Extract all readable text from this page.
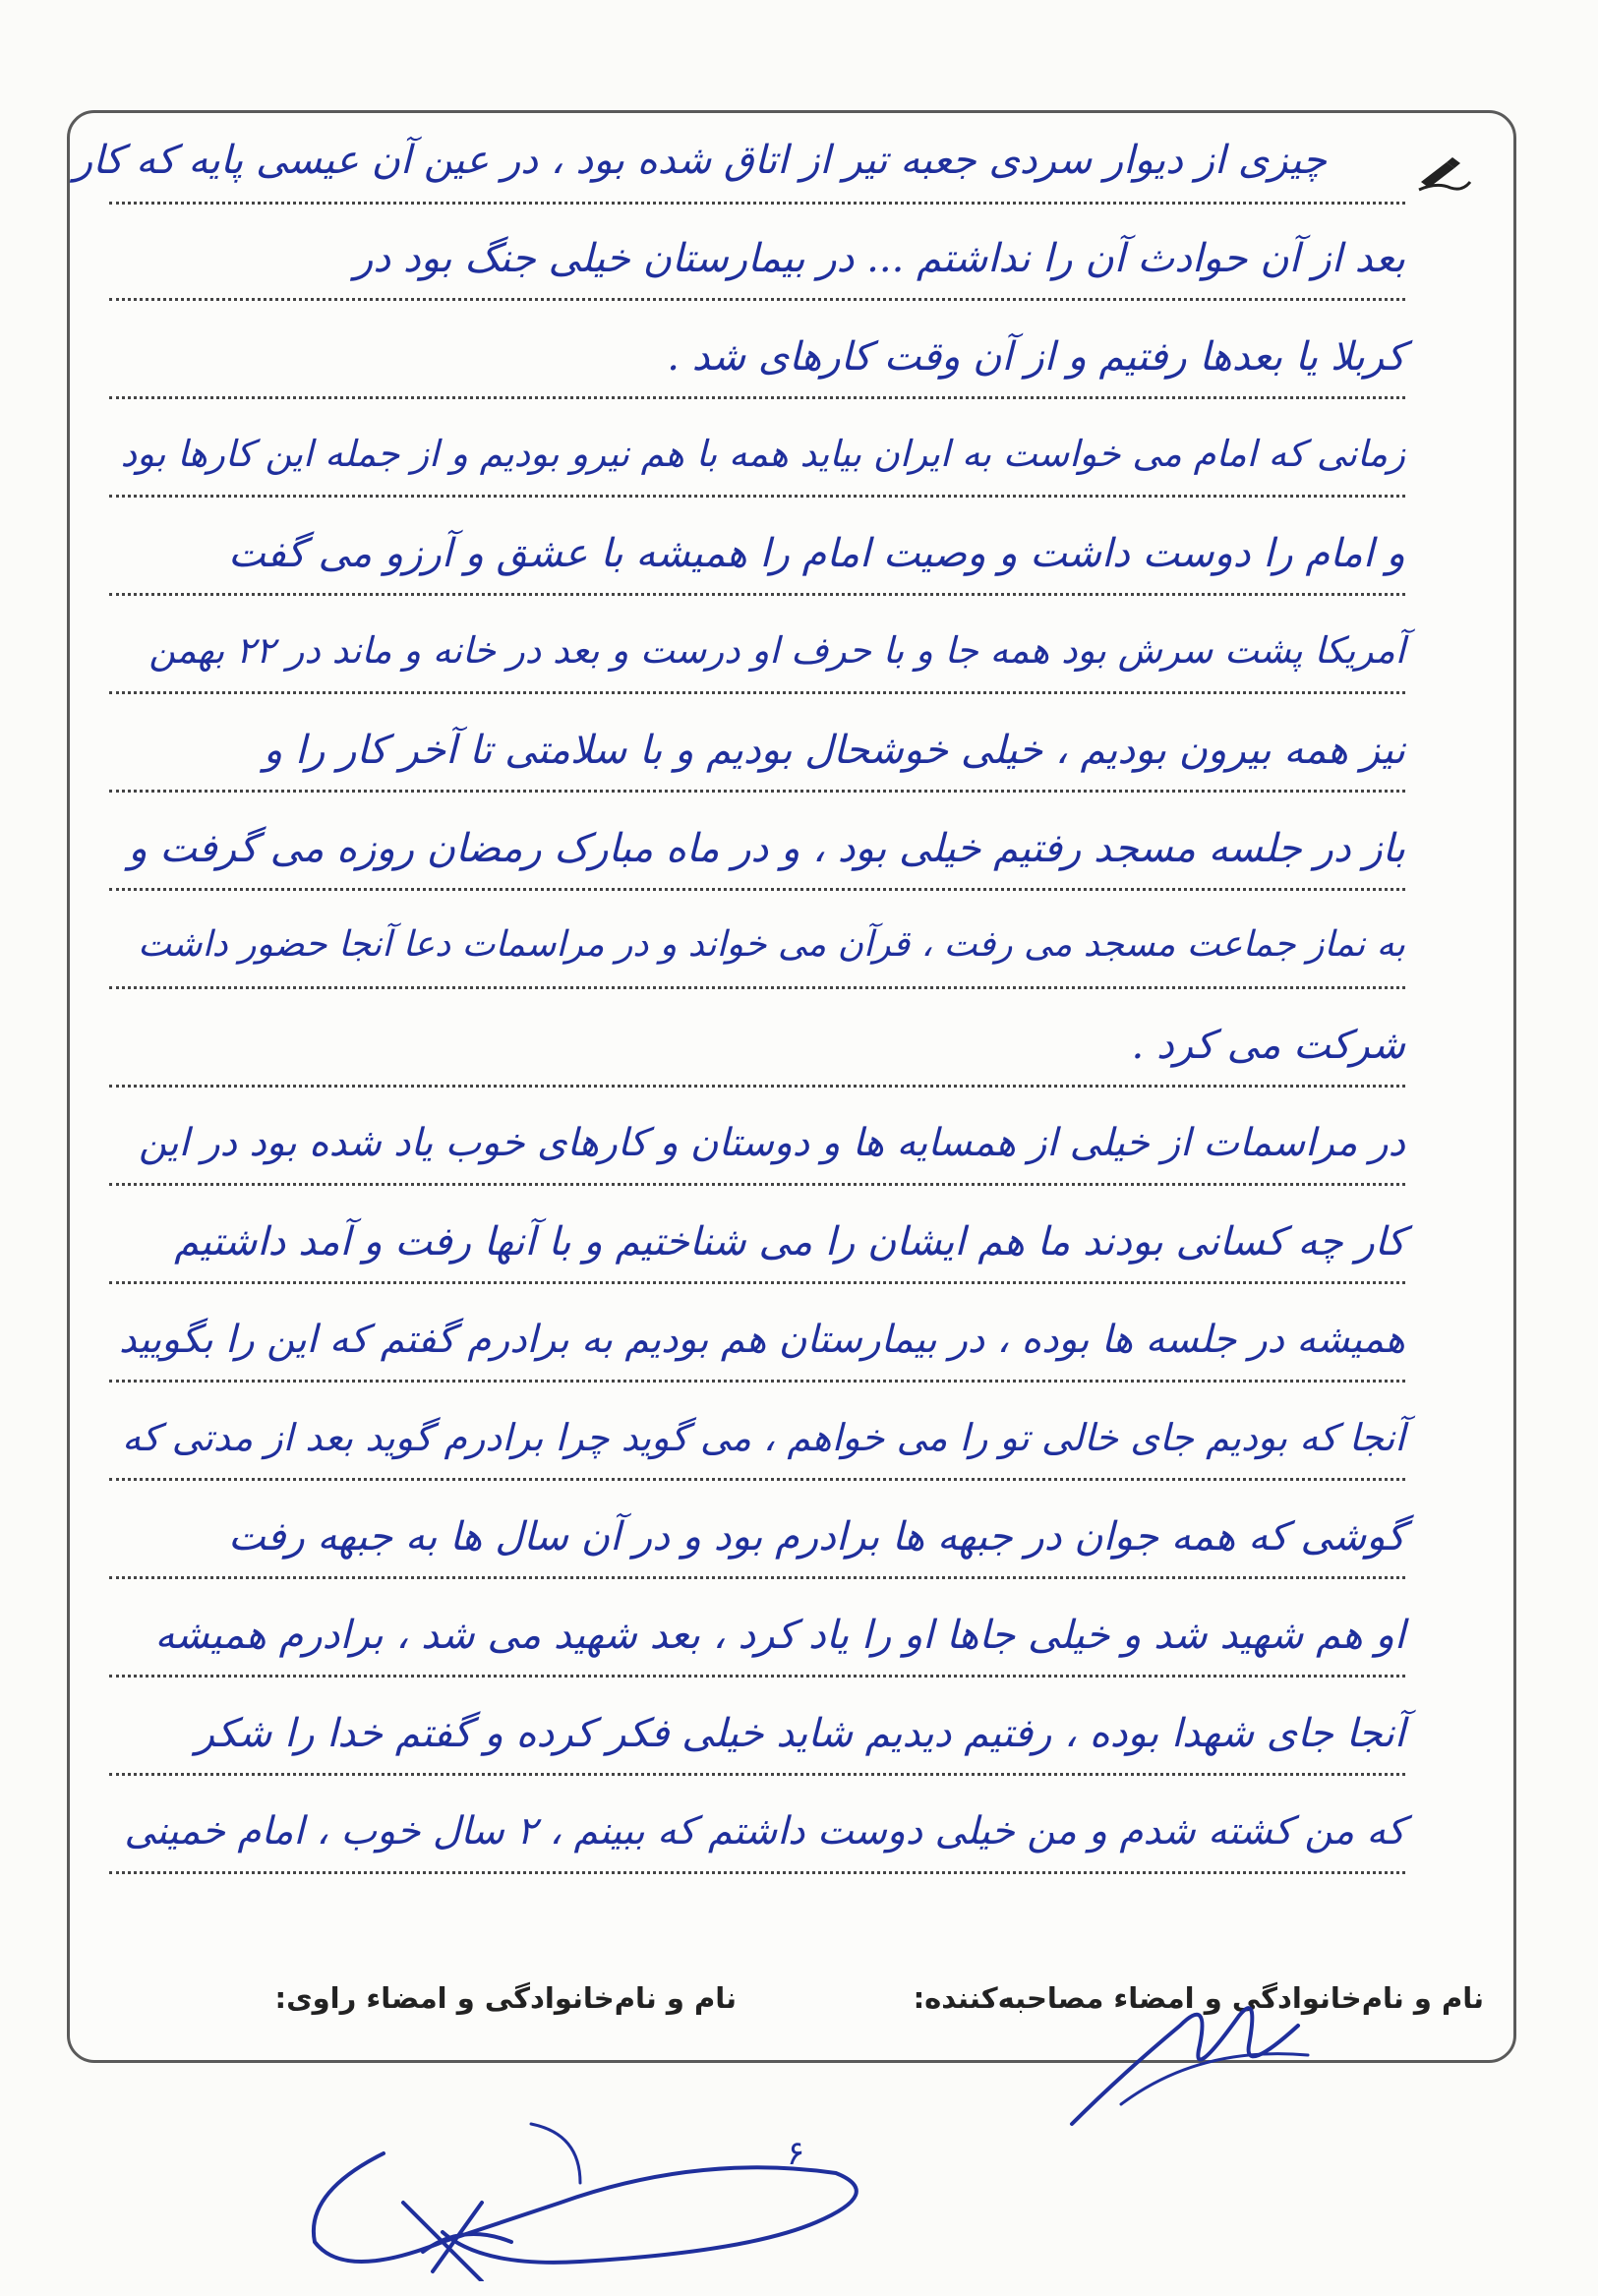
چیزی از دیوار سردی جعبه تیر از اتاق شده بود ، در عین آن عیسی پایه که کار
بعد از آن حوادث آن را نداشتم ... در بیمارستان خیلی جنگ بود در
کربلا یا بعدها رفتیم و از آن وقت کارهای شد .
زمانی که امام می خواست به ایران بیاید همه با هم نیرو بودیم و از جمله این کارها بود
و امام را دوست داشت و وصیت امام را همیشه با عشق و آرزو می گفت
آمریکا پشت سرش بود همه جا و با حرف او درست و بعد در خانه و ماند در ۲۲ بهمن
نیز همه بیرون بودیم ، خیلی خوشحال بودیم و با سلامتی تا آخر کار را و
باز در جلسه مسجد رفتیم خیلی بود ، و در ماه مبارک رمضان روزه می گرفت و
به نماز جماعت مسجد می رفت ، قرآن می خواند و در مراسمات دعا آنجا حضور داشت
شرکت می کرد .
در مراسمات از خیلی از همسایه ها و دوستان و کارهای خوب یاد شده بود در این
کار چه کسانی بودند ما هم ایشان را می شناختیم و با آنها رفت و آمد داشتیم
همیشه در جلسه ها بوده ، در بیمارستان هم بودیم به برادرم گفتم که این را بگویید
آنجا که بودیم جای خالی تو را می خواهم ، می گوید چرا برادرم گوید بعد از مدتی که
گوشی که همه جوان در جبهه ها برادرم بود و در آن سال ها به جبهه رفت
او هم شهید شد و خیلی جاها او را یاد کرد ، بعد شهید می شد ، برادرم همیشه
آنجا جای شهدا بوده ، رفتیم دیدیم شاید خیلی فکر کرده و گفتم خدا را شکر
که من کشته شدم و من خیلی دوست داشتم که ببینم ، ۲ سال خوب ، امام خمینی
نام و نام‌خانوادگی و امضاء مصاحبه‌کننده:
نام و نام‌خانوادگی و امضاء راوی:
۶
